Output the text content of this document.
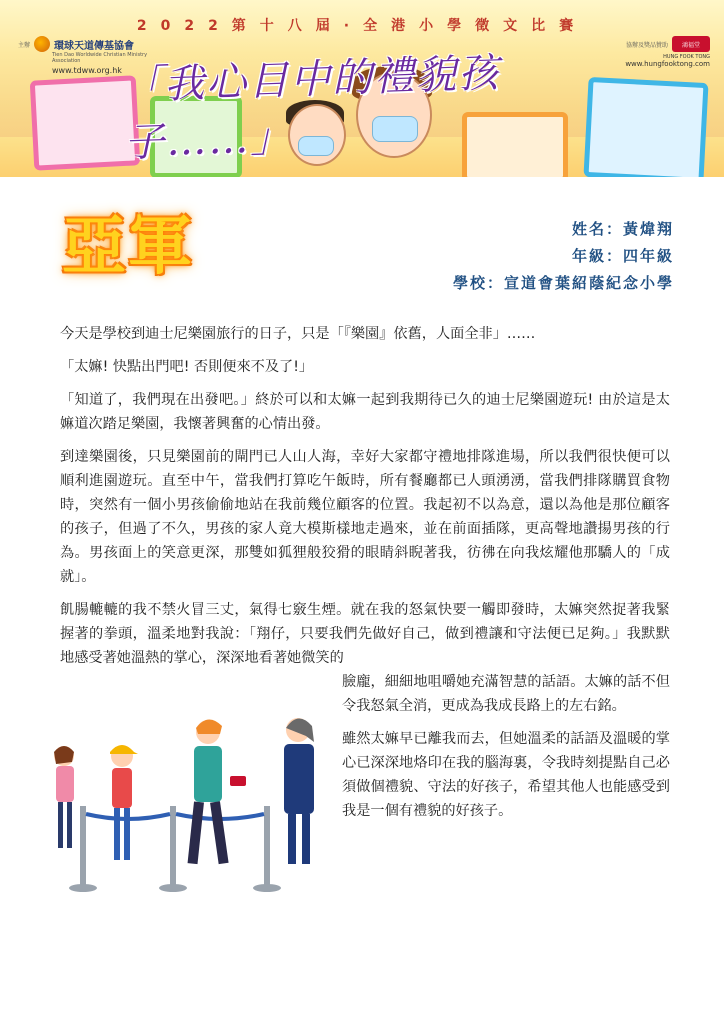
2022第十八屆·全港小學徵文比賽
主辦 環球天道傳基協會
Tien Dao Worldwide Christian Ministry Association
www.tdww.org.hk
協辦及獎品贊助 鴻福堂
HUNG FOOK TONG
www.hungfooktong.com
「我心目中的禮貌孩子……」
亞軍	姓名：黃煒翔
年級：四年級
學校：宣道會葉紹蔭紀念小學

今天是學校到迪士尼樂園旅行的日子，只是「『樂園』依舊，人面全非」……

「太嫲! 快點出門吧! 否則便來不及了!」

「知道了，我們現在出發吧。」終於可以和太嫲一起到我期待已久的迪士尼樂園遊玩! 由於這是太嫲道次踏足樂園，我懷著興奮的心情出發。

到達樂園後，只見樂園前的閘門已人山人海，幸好大家都守禮地排隊進場，所以我們很快便可以順利進園遊玩。直至中午，當我們打算吃午飯時，所有餐廳都已人頭湧湧，當我們排隊購買食物時，突然有一個小男孩偷偷地站在我前幾位顧客的位置。我起初不以為意，還以為他是那位顧客的孩子，但過了不久，男孩的家人竟大模斯樣地走過來，並在前面插隊，更高聲地讚揚男孩的行為。男孩面上的笑意更深，那雙如狐狸般狡猾的眼睛斜睨著我，彷彿在向我炫耀他那驕人的「成就」。

飢腸轆轆的我不禁火冒三丈，氣得七竅生煙。就在我的怒氣快要一觸即發時，太嫲突然捉著我緊握著的拳頭，溫柔地對我說：「翔仔，只要我們先做好自己，做到禮讓和守法便已足夠。」我默默地感受著她溫熱的掌心，深深地看著她微笑的

臉龐，細細地咀嚼她充滿智慧的話語。太嫲的話不但令我怒氣全消，更成為我成長路上的左右銘。

雖然太嫲早已離我而去，但她溫柔的話語及溫暖的掌心已深深地烙印在我的腦海裏，令我時刻提點自己必須做個禮貌、守法的好孩子，希望其他人也能感受到我是一個有禮貌的好孩子。
